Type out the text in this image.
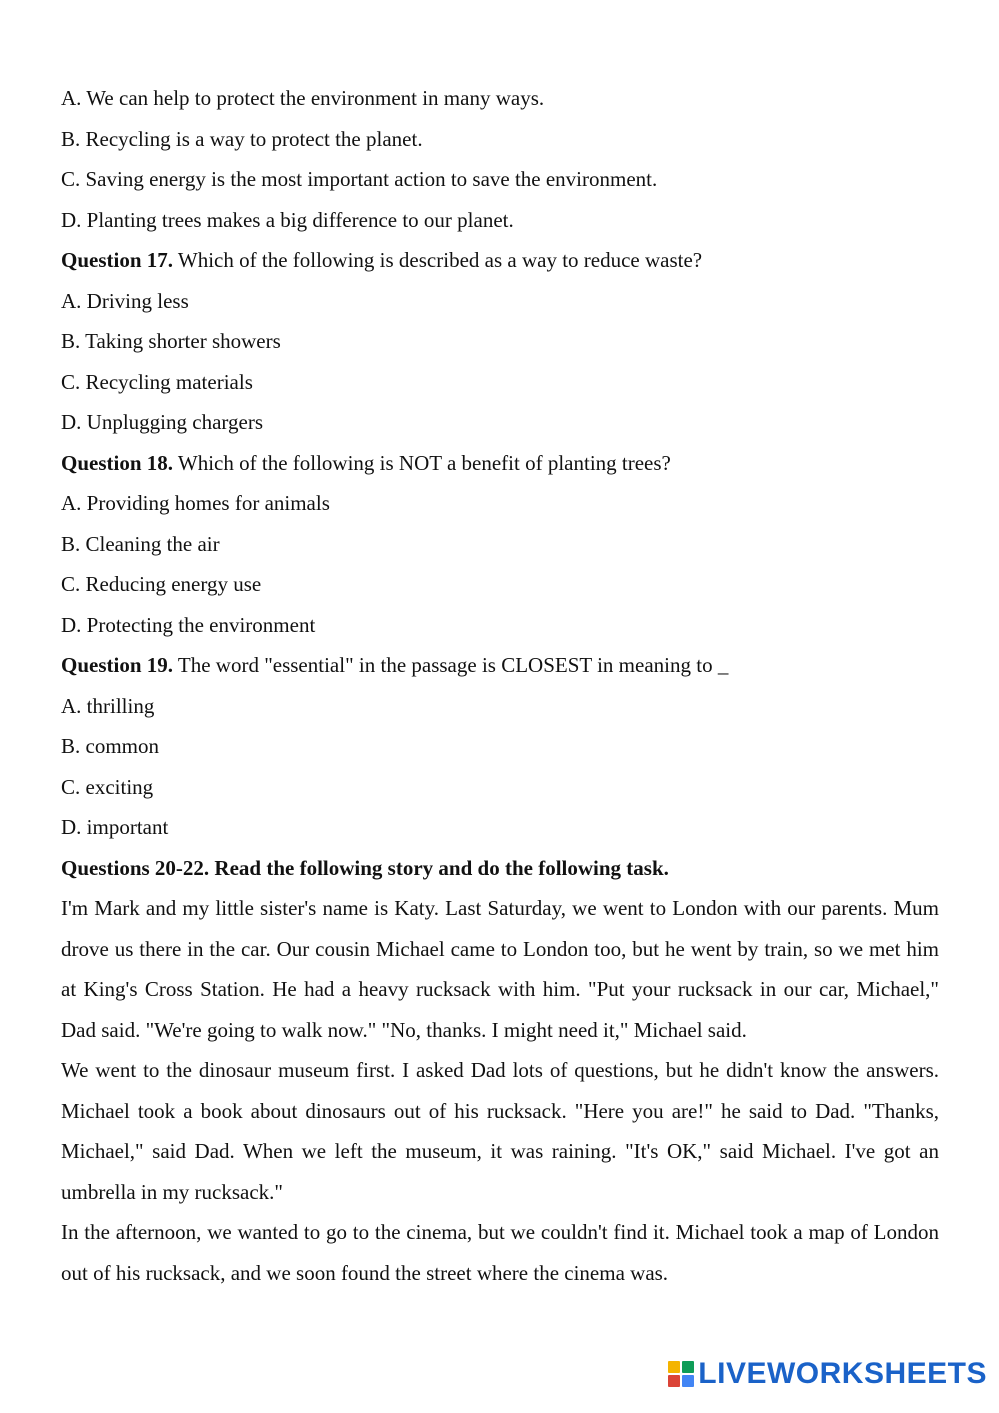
A. We can help to protect the environment in many ways.
B. Recycling is a way to protect the planet.
C. Saving energy is the most important action to save the environment.
D. Planting trees makes a big difference to our planet.
Question 17. Which of the following is described as a way to reduce waste?
A. Driving less
B. Taking shorter showers
C. Recycling materials
D. Unplugging chargers
Question 18. Which of the following is NOT a benefit of planting trees?
A. Providing homes for animals
B. Cleaning the air
C. Reducing energy use
D. Protecting the environment
Question 19. The word "essential" in the passage is CLOSEST in meaning to _
A. thrilling
B. common
C. exciting
D. important
Questions 20-22. Read the following story and do the following task.

I'm Mark and my little sister's name is Katy. Last Saturday, we went to London with our parents. Mum drove us there in the car. Our cousin Michael came to London too, but he went by train, so we met him at King's Cross Station. He had a heavy rucksack with him. "Put your rucksack in our car, Michael," Dad said. "We're going to walk now." "No, thanks. I might need it," Michael said.

We went to the dinosaur museum first. I asked Dad lots of questions, but he didn't know the answers. Michael took a book about dinosaurs out of his rucksack. "Here you are!" he said to Dad. "Thanks, Michael," said Dad. When we left the museum, it was raining. "It's OK," said Michael. I've got an umbrella in my rucksack."

In the afternoon, we wanted to go to the cinema, but we couldn't find it. Michael took a map of London out of his rucksack, and we soon found the street where the cinema was.

LIVEWORKSHEETS
